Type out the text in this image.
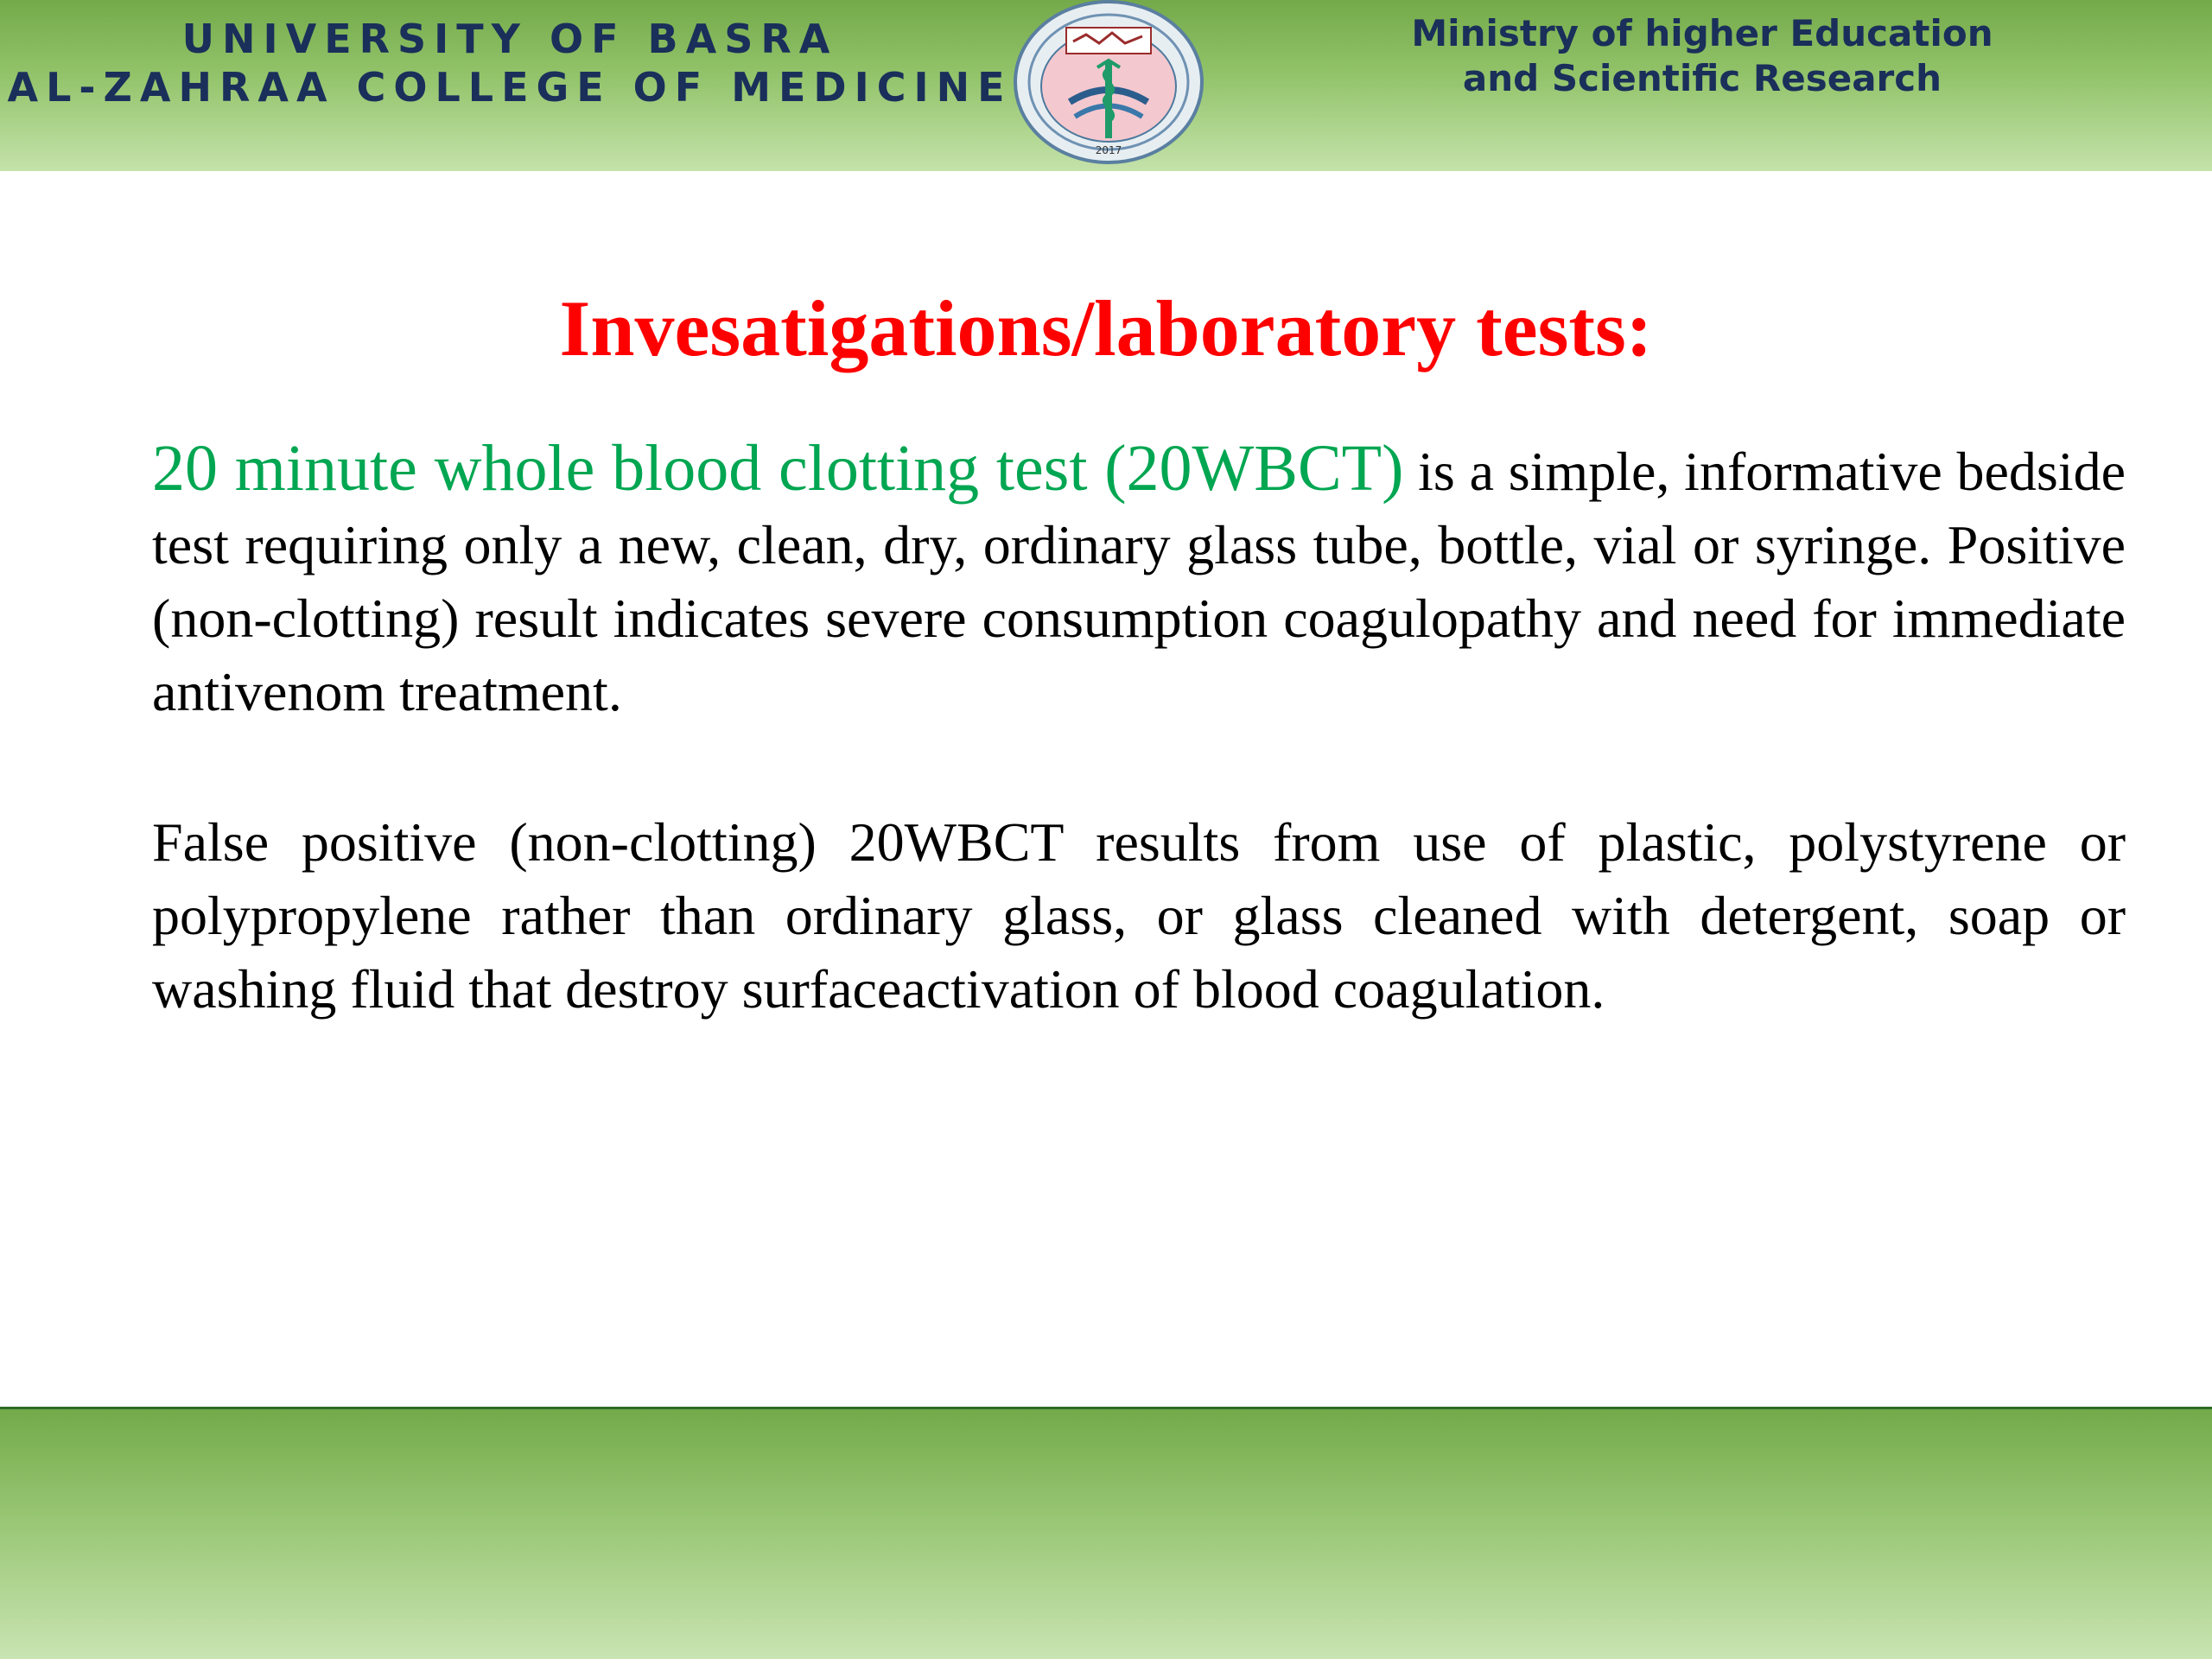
UNIVERSITY OF BASRA

AL-ZAHRAA COLLEGE OF MEDICINE

2017

Ministry of higher Education

and Scientific Research

Invesatigations/laboratory tests:

20 minute whole blood clotting test (20WBCT) is a simple, informative bedside test requiring only a new, clean, dry, ordinary glass tube, bottle, vial or syringe. Positive (non-clotting) result indicates severe consumption coagulopathy and need for immediate antivenom treatment.

False positive (non-clotting) 20WBCT results from use of plastic, polystyrene or polypropylene rather than ordinary glass, or glass cleaned with detergent, soap or washing fluid that destroy surfaceactivation of blood coagulation.
